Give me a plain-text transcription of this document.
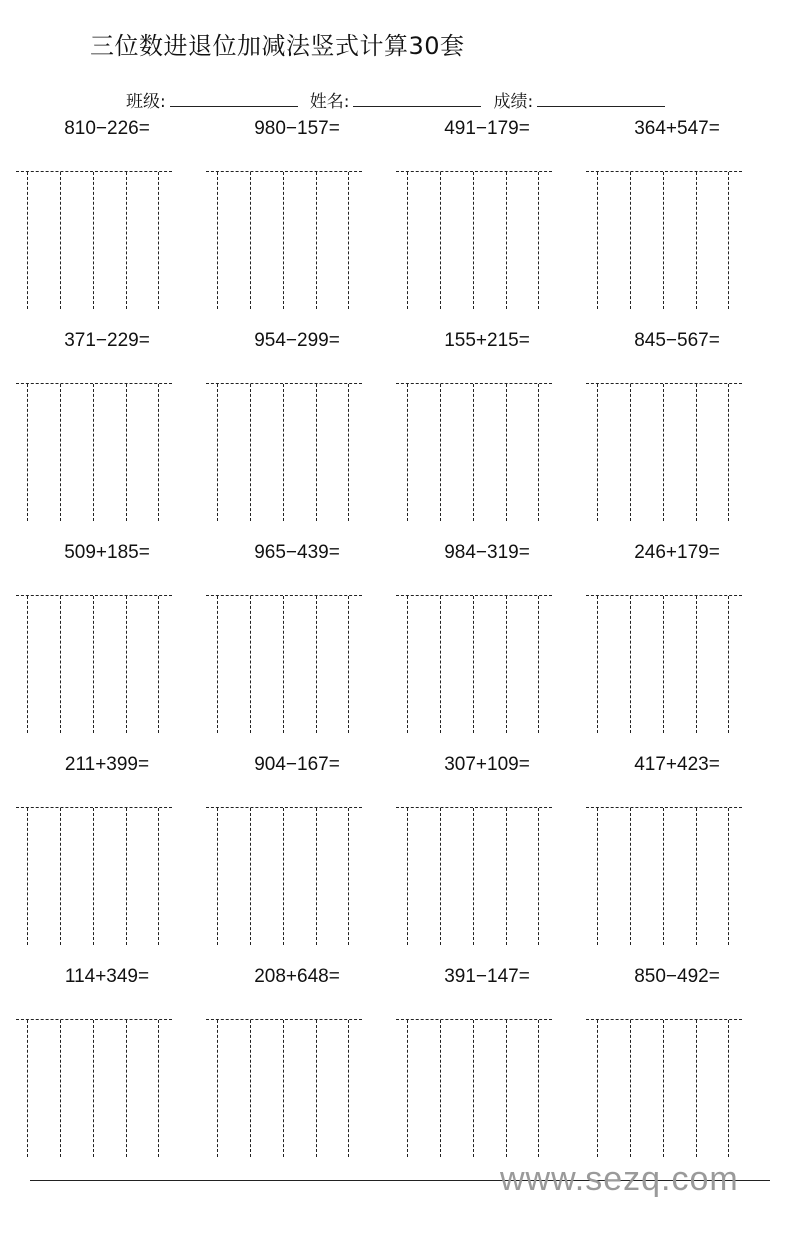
三位数进退位加减法竖式计算30套
班级:	姓名:	成绩:
810−226=	980−157=	491−179=	364+547=
371−229=	954−299=	155+215=	845−567=
509+185=	965−439=	984−319=	246+179=
211+399=	904−167=	307+109=	417+423=
114+349=	208+648=	391−147=	850−492=
www.sezq.com
